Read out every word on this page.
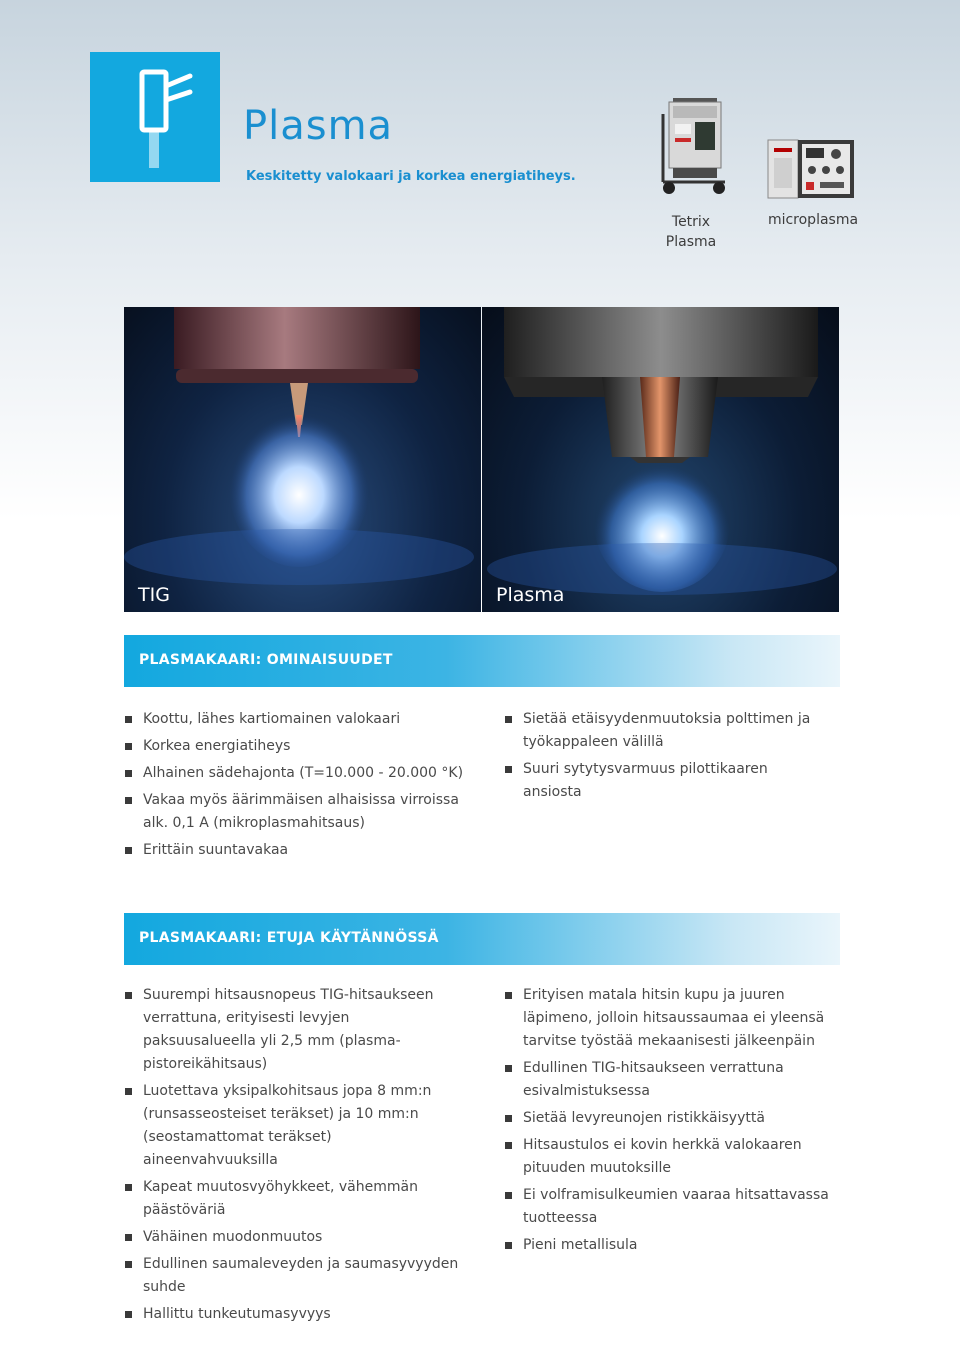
Plasma
Keskitetty valokaari ja korkea energiatiheys.
Tetrix
Plasma
microplasma
TIG	Plasma
PLASMAKAARI: OMINAISUUDET
Koottu, lähes kartiomainen valokaari
Korkea energiatiheys
Alhainen sädehajonta (T=10.000 - 20.000 °K)
Vakaa myös äärimmäisen alhaisissa virroissa alk. 0,1 A (mikroplasmahitsaus)
Erittäin suuntavakaa
Sietää etäisyydenmuutoksia polttimen ja työkappaleen välillä
Suuri sytytysvarmuus pilottikaaren ansiosta
PLASMAKAARI: ETUJA KÄYTÄNNÖSSÄ
Suurempi hitsausnopeus TIG-hitsaukseen verrattuna, erityisesti levyjen paksuusalueella yli 2,5 mm (plasma-pistoreikähitsaus)
Luotettava yksipalkohitsaus jopa 8 mm:n (runsasseosteiset teräkset) ja 10 mm:n (seostamattomat teräkset) aineenvahvuuksilla
Kapeat muutosvyöhykkeet, vähemmän päästöväriä
Vähäinen muodonmuutos
Edullinen saumaleveyden ja saumasyvyyden suhde
Hallittu tunkeutumasyvyys
Erityisen matala hitsin kupu ja juuren läpimeno, jolloin hitsaussaumaa ei yleensä tarvitse työstää mekaanisesti jälkeenpäin
Edullinen TIG-hitsaukseen verrattuna esivalmistuksessa
Sietää levyreunojen ristikkäisyyttä
Hitsaustulos ei kovin herkkä valokaaren pituuden muutoksille
Ei volframisulkeumien vaaraa hitsattavassa tuotteessa
Pieni metallisula
